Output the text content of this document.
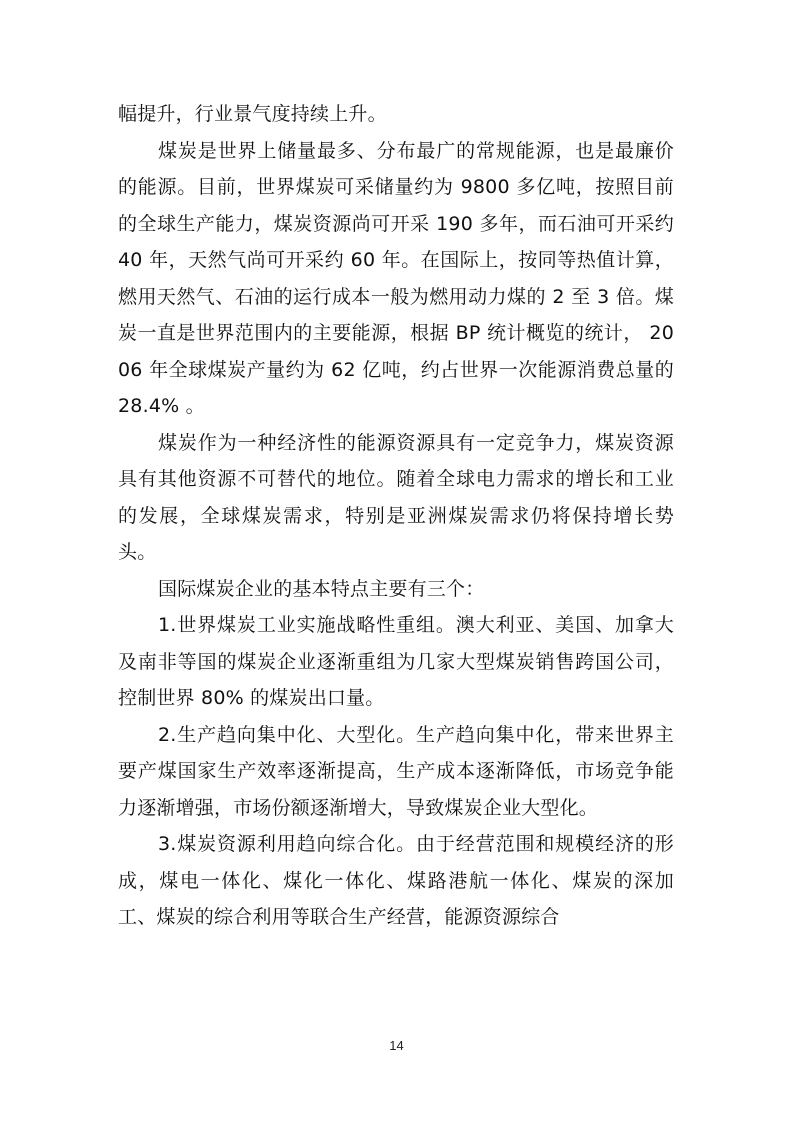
幅提升，行业景气度持续上升。

煤炭是世界上储量最多、分布最广的常规能源，也是最廉价的能源。目前，世界煤炭可采储量约为 9800 多亿吨，按照目前的全球生产能力，煤炭资源尚可开采 190 多年，而石油可开采约 40 年，天然气尚可开采约 60 年。在国际上，按同等热值计算，燃用天然气、石油的运行成本一般为燃用动力煤的 2 至 3 倍。煤炭一直是世界范围内的主要能源，根据 BP 统计概览的统计， 2006 年全球煤炭产量约为 62 亿吨，约占世界一次能源消费总量的 28.4% 。

煤炭作为一种经济性的能源资源具有一定竞争力，煤炭资源具有其他资源不可替代的地位。随着全球电力需求的增长和工业的发展，全球煤炭需求，特别是亚洲煤炭需求仍将保持增长势头。

国际煤炭企业的基本特点主要有三个：

1.世界煤炭工业实施战略性重组。澳大利亚、美国、加拿大及南非等国的煤炭企业逐渐重组为几家大型煤炭销售跨国公司，控制世界 80% 的煤炭出口量。

2.生产趋向集中化、大型化。生产趋向集中化，带来世界主要产煤国家生产效率逐渐提高，生产成本逐渐降低，市场竞争能力逐渐增强，市场份额逐渐增大，导致煤炭企业大型化。

3.煤炭资源利用趋向综合化。由于经营范围和规模经济的形成，煤电一体化、煤化一体化、煤路港航一体化、煤炭的深加工、煤炭的综合利用等联合生产经营，能源资源综合

14
